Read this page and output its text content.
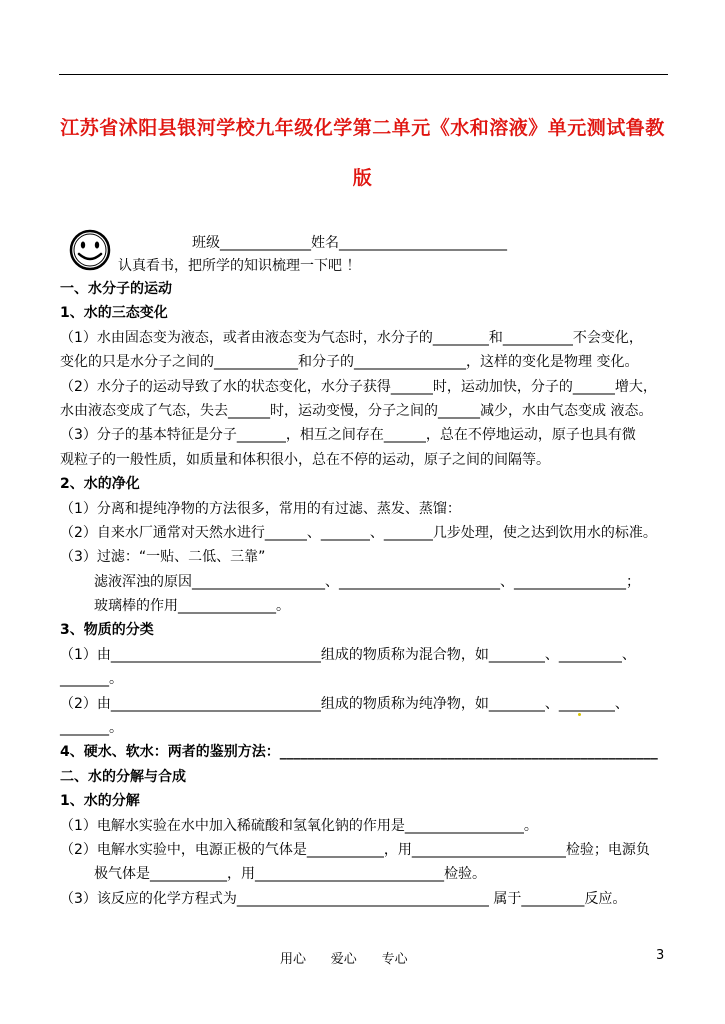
江苏省沭阳县银河学校九年级化学第二单元《水和溶液》单元测试鲁教
版
班级_____________姓名________________________
认真看书，把所学的知识梳理一下吧 ！
一、水分子的运动
1、水的三态变化
（1）水由固态变为液态，或者由液态变为气态时，水分子的________和__________不会变化，
变化的只是水分子之间的____________和分子的________________，这样的变化是物理 变化。
（2）水分子的运动导致了水的状态变化，水分子获得______时，运动加快，分子的______增大，
水由液态变成了气态，失去______时，运动变慢，分子之间的______减少，水由气态变成 液态。
（3）分子的基本特征是分子_______，相互之间存在______，总在不停地运动，原子也具有微
观粒子的一般性质，如质量和体积很小，总在不停的运动，原子之间的间隔等。
2、水的净化
（1）分离和提纯净物的方法很多，常用的有过滤、蒸发、蒸馏：
（2）自来水厂通常对天然水进行______、_______、_______几步处理，使之达到饮用水的标准。
（3）过滤：“一贴、二低、三靠”
滤液浑浊的原因___________________、_______________________、________________；
玻璃棒的作用______________。
3、物质的分类
（1）由______________________________组成的物质称为混合物，如________、_________、
_______。
（2）由______________________________组成的物质称为纯净物，如________、________、
_______。
4、硬水、软水：两者的鉴别方法：______________________________________________________
二、水的分解与合成
1、水的分解
（1）电解水实验在水中加入稀硫酸和氢氧化钠的作用是_________________。
（2）电解水实验中，电源正极的气体是___________，用______________________检验；电源负
极气体是___________，用___________________________检验。
（3）该反应的化学方程式为____________________________________ 属于_________反应。
用心      爱心      专心	3
